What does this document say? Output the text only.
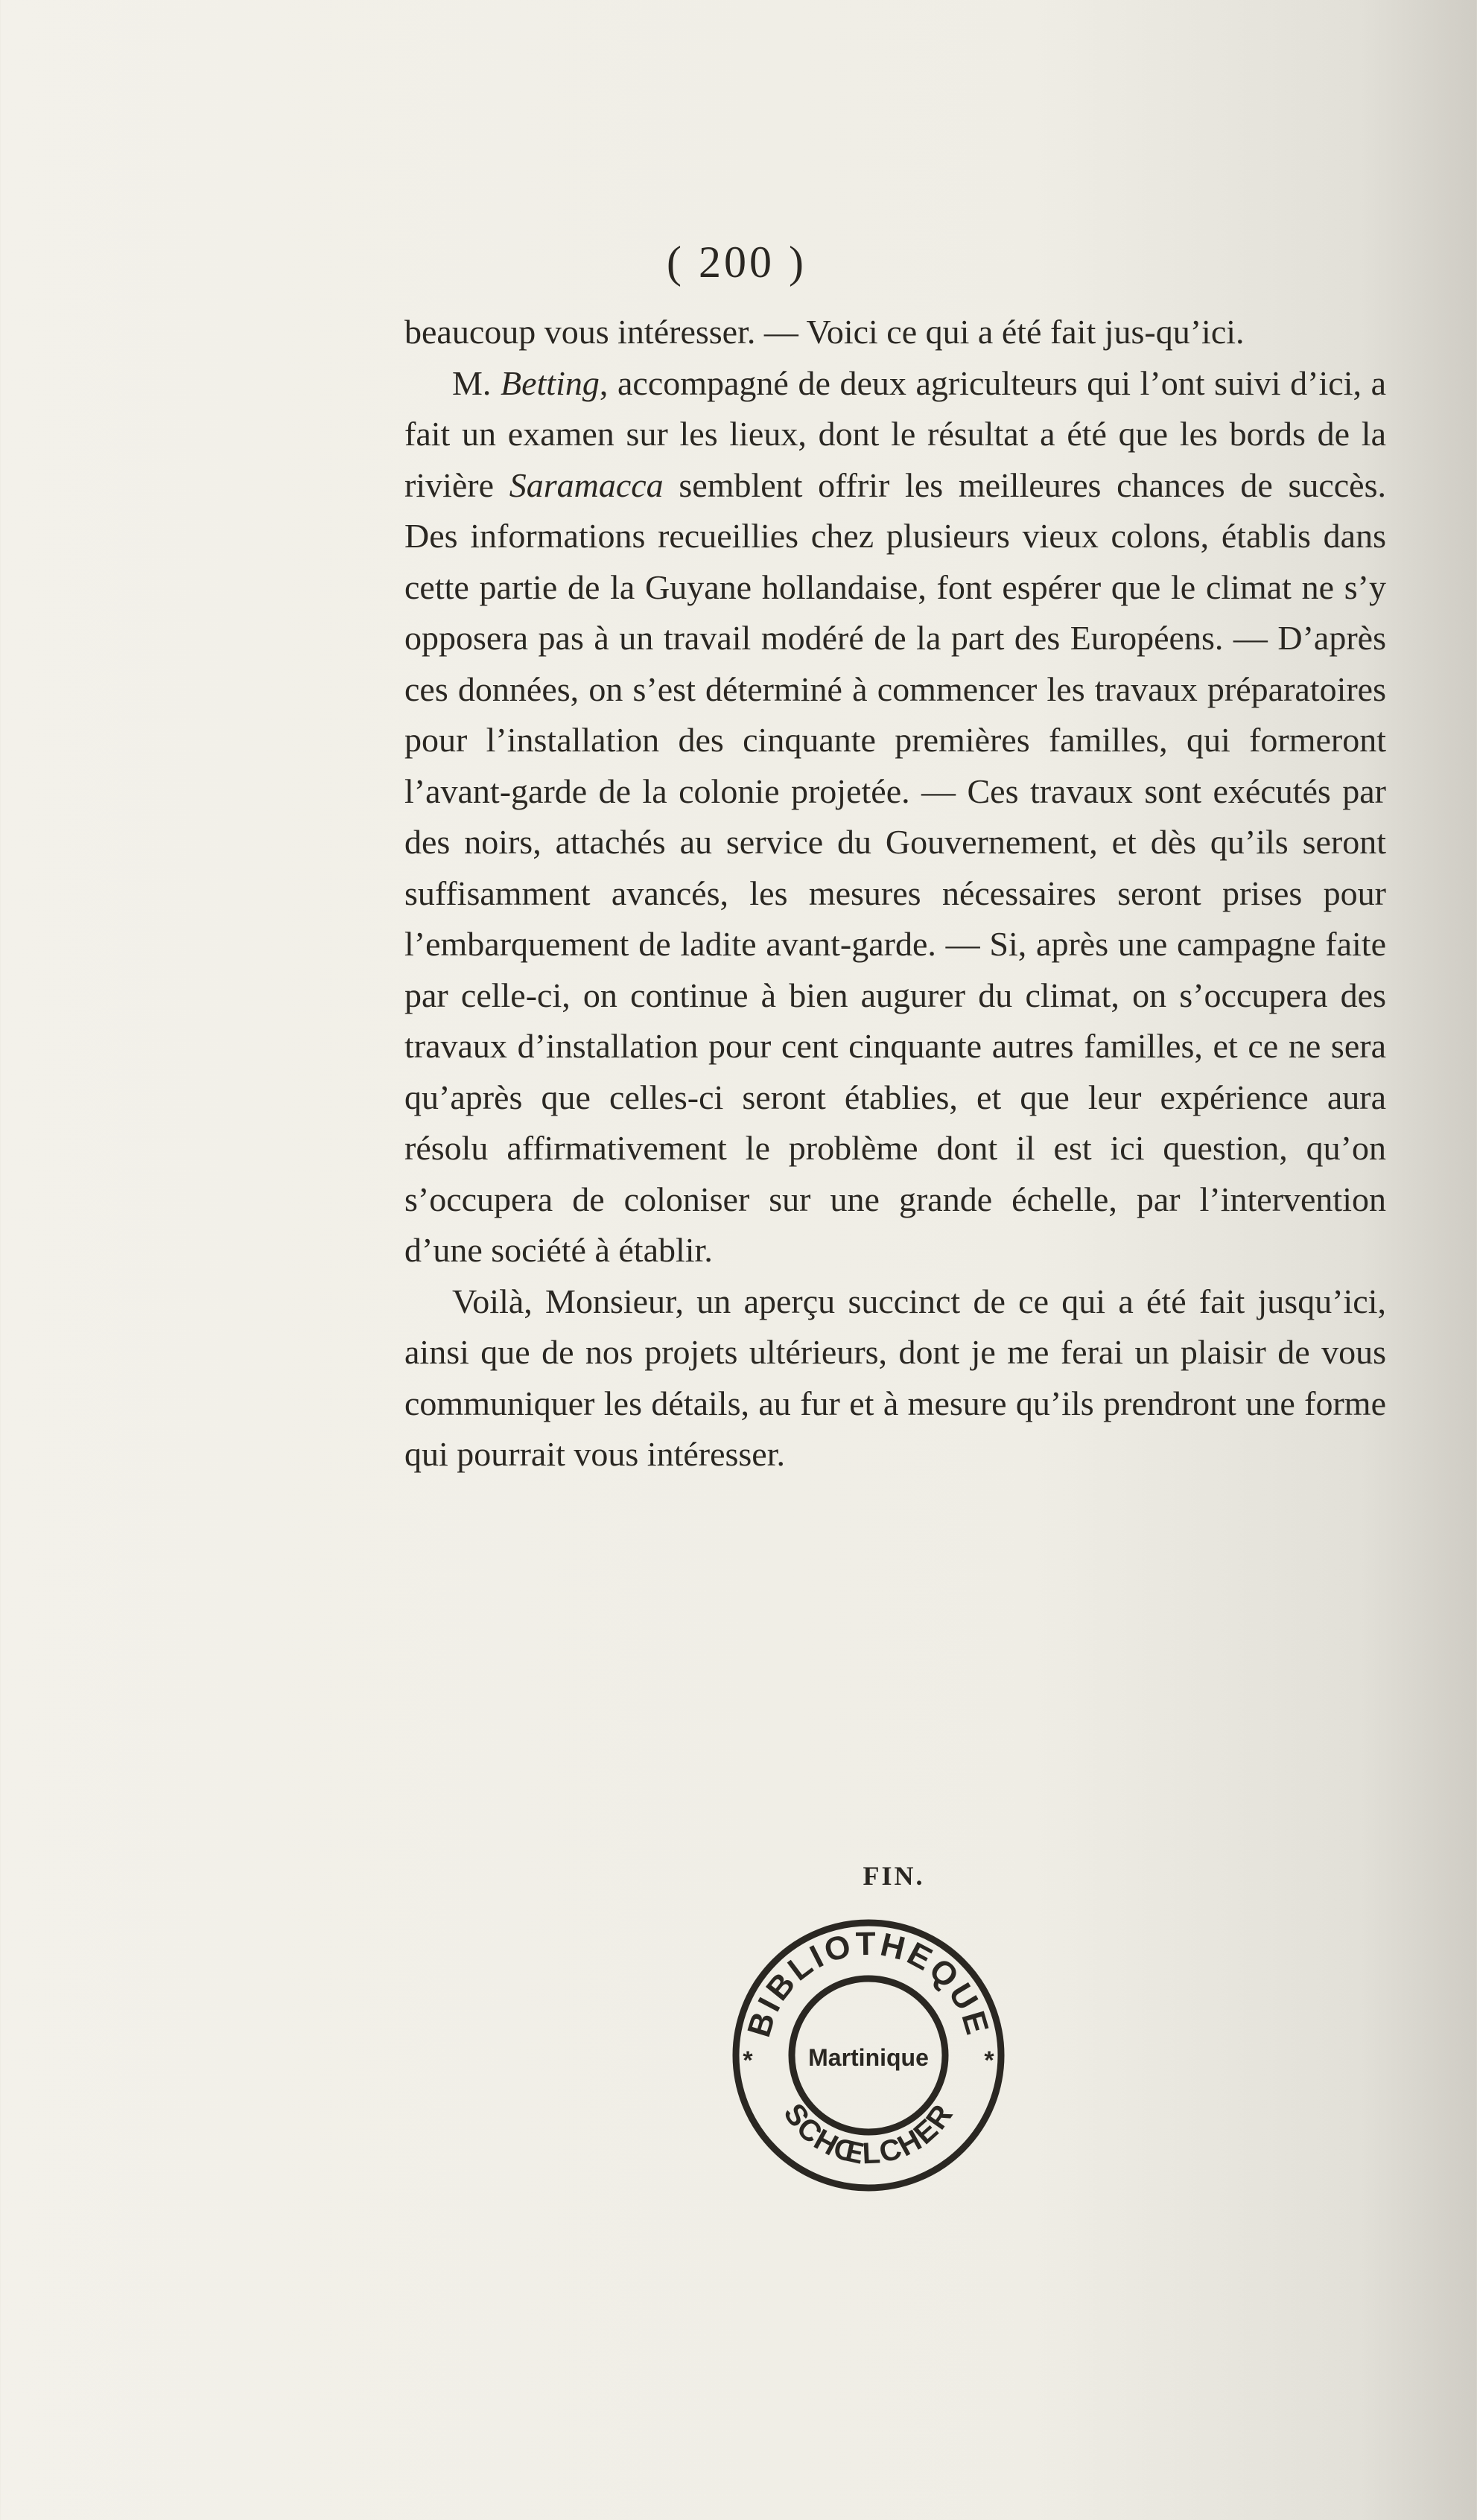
( 200 )

beaucoup vous intéresser. — Voici ce qui a été fait jus-qu’ici.

M. Betting, accompagné de deux agriculteurs qui l’ont suivi d’ici, a fait un examen sur les lieux, dont le résultat a été que les bords de la rivière Saramacca semblent offrir les meilleures chances de succès. Des informations recueillies chez plusieurs vieux colons, établis dans cette partie de la Guyane hollandaise, font espérer que le climat ne s’y opposera pas à un travail modéré de la part des Européens. — D’après ces données, on s’est déterminé à commencer les travaux préparatoires pour l’installation des cinquante premières familles, qui formeront l’avant-garde de la colonie projetée. — Ces travaux sont exécutés par des noirs, attachés au service du Gouvernement, et dès qu’ils seront suffisamment avancés, les mesures nécessaires seront prises pour l’embarquement de ladite avant-garde. — Si, après une campagne faite par celle-ci, on continue à bien augurer du climat, on s’occupera des travaux d’installation pour cent cinquante autres familles, et ce ne sera qu’après que celles-ci seront établies, et que leur expérience aura résolu affirmativement le problème dont il est ici question, qu’on s’occupera de coloniser sur une grande échelle, par l’intervention d’une société à établir.

Voilà, Monsieur, un aperçu succinct de ce qui a été fait jusqu’ici, ainsi que de nos projets ultérieurs, dont je me ferai un plaisir de vous communiquer les détails, au fur et à mesure qu’ils prendront une forme qui pourrait vous intéresser.

FIN.
BIBLIOTHEQUE
SCHŒLCHER
Martinique
*	*
